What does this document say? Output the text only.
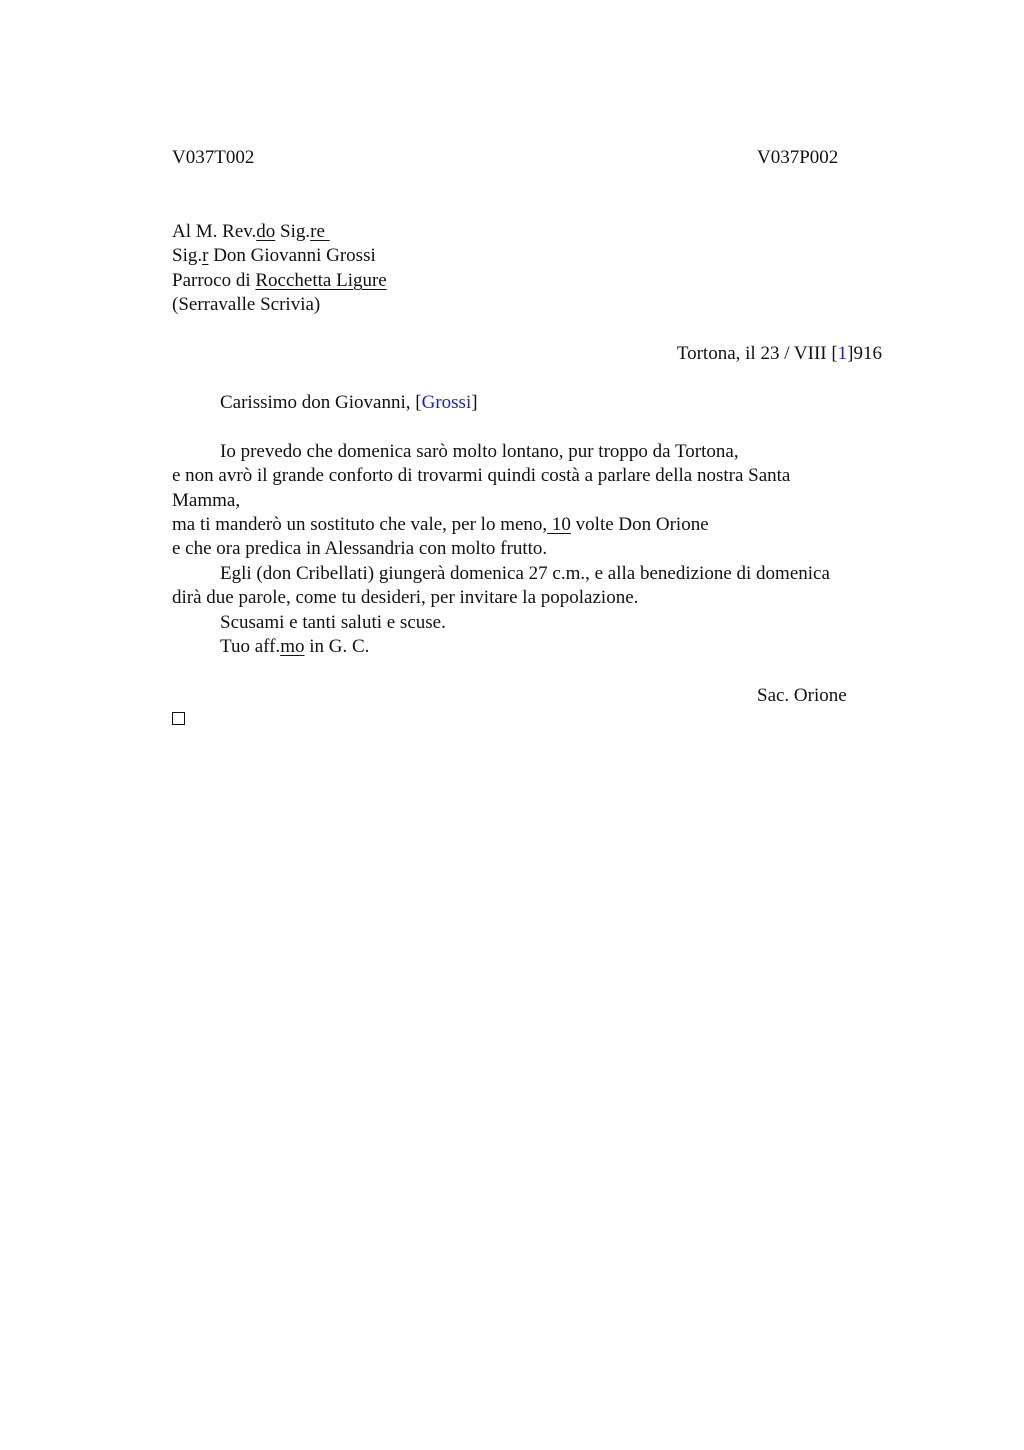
V037T002	V037P002
Al M. Rev.do Sig.re
Sig.r Don Giovanni Grossi
Parroco di Rocchetta Ligure
(Serravalle Scrivia)
Tortona, il 23 / VIII [1]916
Carissimo don Giovanni, [Grossi]
Io prevedo che domenica sarò molto lontano, pur troppo da Tortona,
e non avrò il grande conforto di trovarmi quindi costà a parlare della nostra Santa
Mamma,
ma ti manderò un sostituto che vale, per lo meno, 10 volte Don Orione
e che ora predica in Alessandria con molto frutto.
Egli (don Cribellati) giungerà domenica 27 c.m., e alla benedizione di domenica
dirà due parole, come tu desideri, per invitare la popolazione.
Scusami e tanti saluti e scuse.
Tuo aff.mo in G. C.
Sac. Orione
